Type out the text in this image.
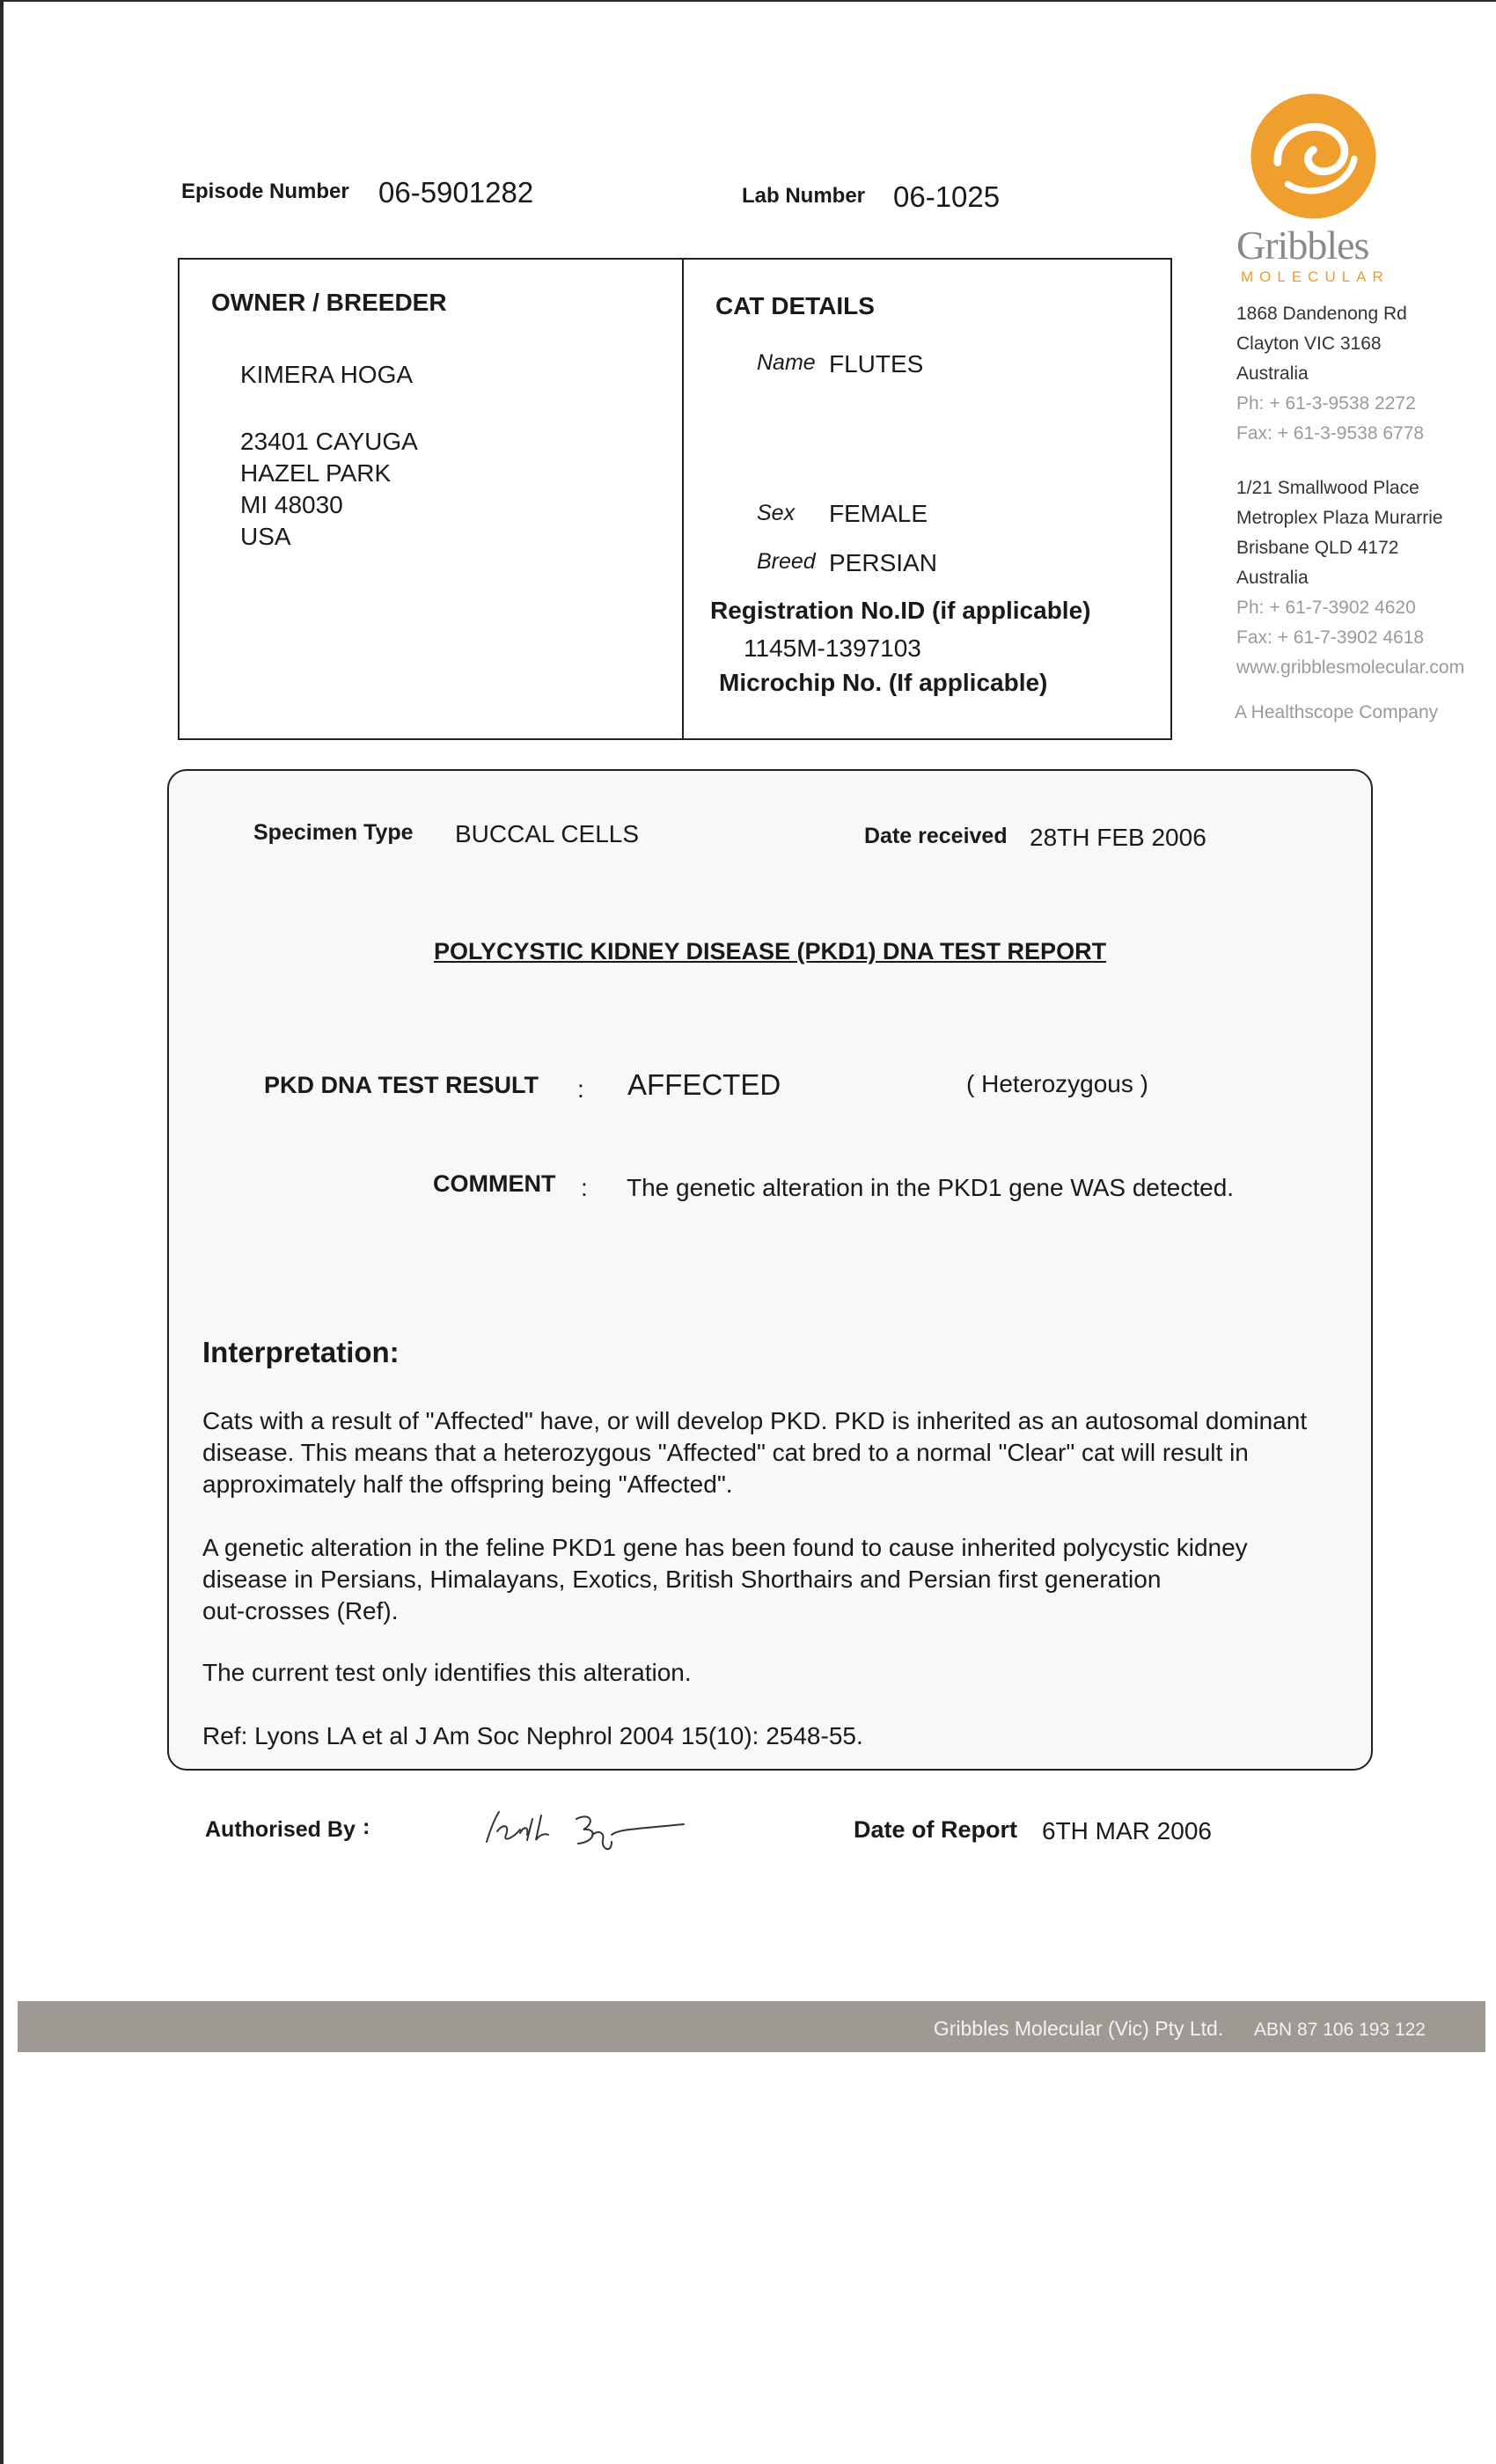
Episode Number 06-5901282	Lab Number 06-1025
Gribbles
MOLECULAR
1868 Dandenong Rd
Clayton VIC 3168
Australia
Ph: + 61-3-9538 2272
Fax: + 61-3-9538 6778
1/21 Smallwood Place
Metroplex Plaza Murarrie
Brisbane QLD 4172
Australia
Ph: + 61-7-3902 4620
Fax: + 61-7-3902 4618
www.gribblesmolecular.com
A Healthscope Company
OWNER / BREEDER
KIMERA HOGA
23401 CAYUGA
HAZEL PARK
MI 48030
USA
CAT DETAILS
Name FLUTES
Sex FEMALE
Breed PERSIAN
Registration No.ID (if applicable)
1145M-1397103
Microchip No. (If applicable)
Specimen Type BUCCAL CELLS	Date received 28TH FEB 2006
POLYCYSTIC KIDNEY DISEASE (PKD1) DNA TEST REPORT
PKD DNA TEST RESULT : AFFECTED	( Heterozygous )
COMMENT : The genetic alteration in the PKD1 gene WAS detected.
Interpretation:
Cats with a result of "Affected" have, or will develop PKD. PKD is inherited as an autosomal dominant
disease. This means that a heterozygous "Affected" cat bred to a normal "Clear" cat will result in
approximately half the offspring being "Affected".
A genetic alteration in the feline PKD1 gene has been found to cause inherited polycystic kidney
disease in Persians, Himalayans, Exotics, British Shorthairs and Persian first generation
out-crosses (Ref).
The current test only identifies this alteration.
Ref: Lyons LA et al J Am Soc Nephrol 2004 15(10): 2548-55.
Authorised By :	Date of Report 6TH MAR 2006
Gribbles Molecular (Vic) Pty Ltd. ABN 87 106 193 122
